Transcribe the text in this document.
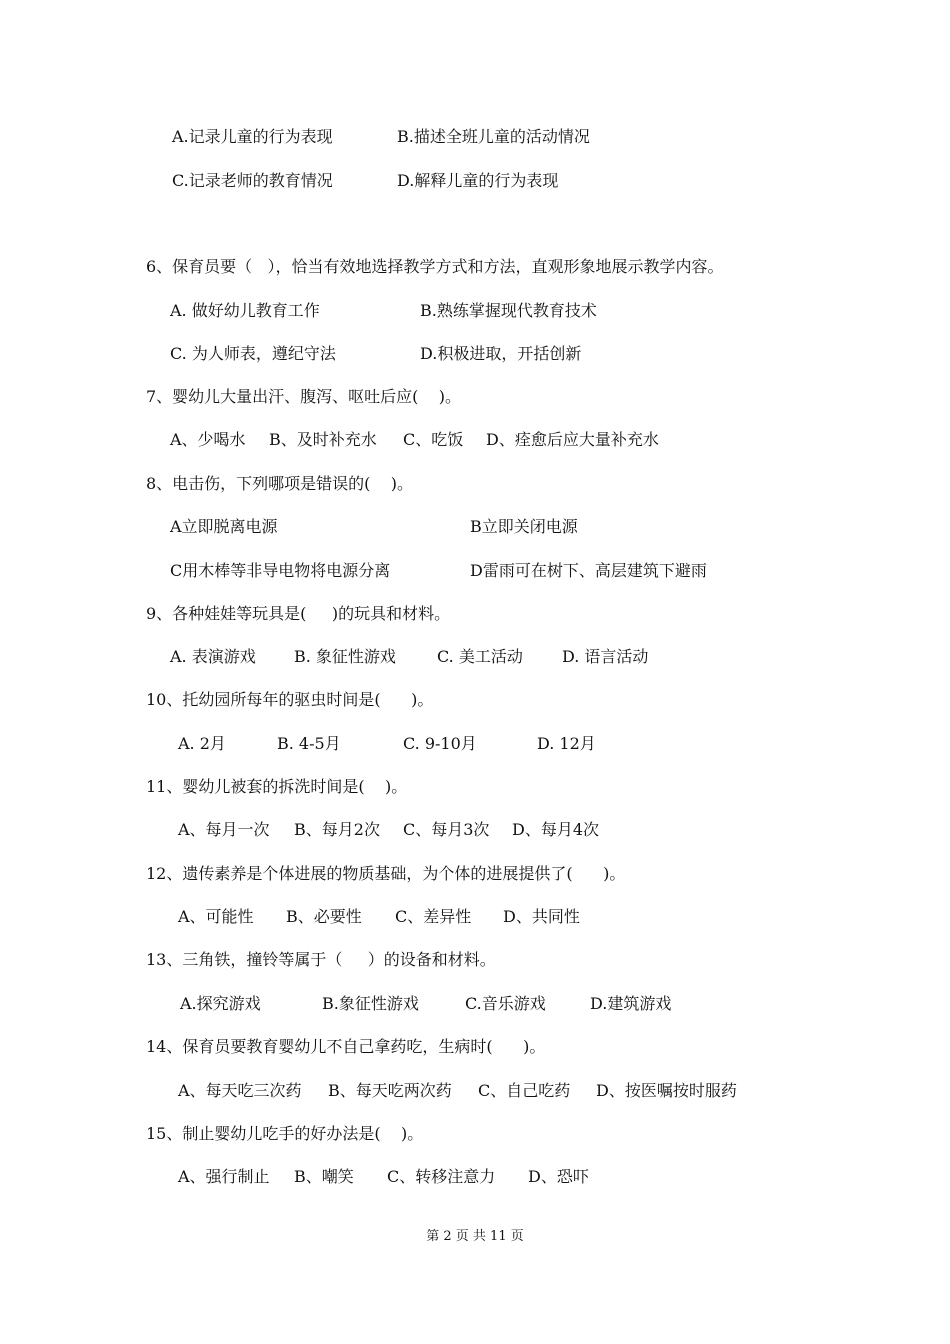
A.记录儿童的行为表现	B.描述全班儿童的活动情况
C.记录老师的教育情况	D.解释儿童的行为表现
6、保育员要（   ），恰当有效地选择教学方式和方法，直观形象地展示教学内容。
A. 做好幼儿教育工作	B.熟练掌握现代教育技术
C. 为人师表，遵纪守法	D.积极进取，开括创新
7、婴幼儿大量出汗、腹泻、呕吐后应(    )。
A、少喝水 B、及时补充水 C、吃饭 D、痊愈后应大量补充水
8、电击伤，下列哪项是错误的(    )。
A立即脱离电源	B立即关闭电源
C用木棒等非导电物将电源分离	D雷雨可在树下、高层建筑下避雨
9、各种娃娃等玩具是(     )的玩具和材料。
A. 表演游戏 B. 象征性游戏	C. 美工活动 D. 语言活动
10、托幼园所每年的驱虫时间是(      )。
A. 2月	B. 4-5月	C. 9-10月	D. 12月
11、婴幼儿被套的拆洗时间是(    )。
A、每月一次 B、每月2次 C、每月3次 D、每月4次
12、遗传素养是个体进展的物质基础，为个体的进展提供了(      )。
A、可能性 B、必要性 C、差异性 D、共同性
13、三角铁，撞铃等属于（     ）的设备和材料。
A.探究游戏	B.象征性游戏	C.音乐游戏	D.建筑游戏
14、保育员要教育婴幼儿不自己拿药吃，生病时(      )。
A、每天吃三次药 B、每天吃两次药 C、自己吃药 D、按医嘱按时服药
15、制止婴幼儿吃手的好办法是(    )。
A、强行制止 B、嘲笑 C、转移注意力 D、恐吓
第 2 页 共 11 页
